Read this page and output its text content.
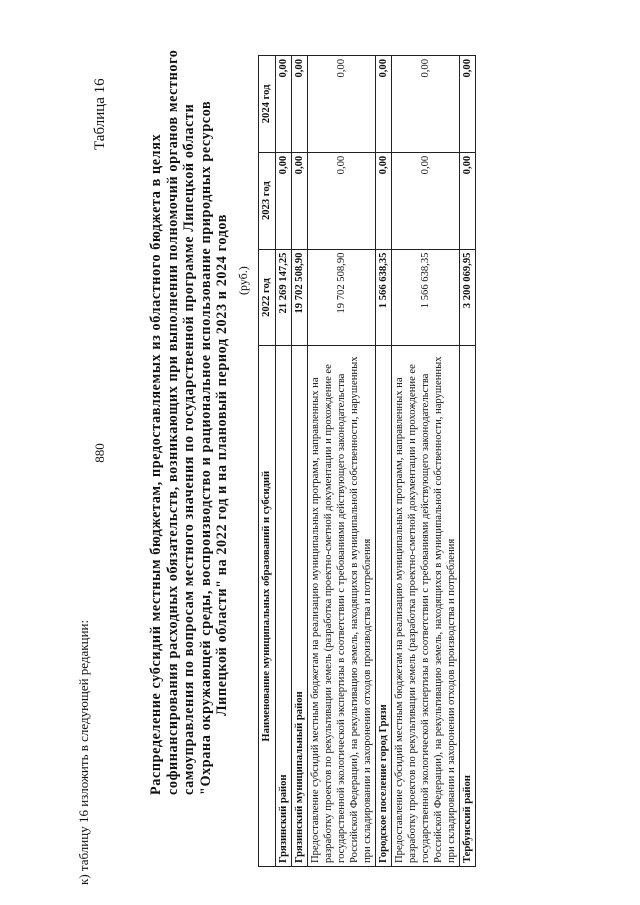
к) таблицу 16 изложить в следующей редакции:
880
Таблица 16
Распределение субсидий местным бюджетам, предоставляемых из областного бюджета в целях софинансирования расходных обязательств, возникающих при выполнении полномочий органов местного самоуправления по вопросам местного значения по государственной программе Липецкой области "Охрана окружающей среды, воспроизводство и рациональное использование природных ресурсов Липецкой области" на 2022 год и на плановый период 2023 и 2024 годов (руб.)
Наименование муниципальных образований и субсидий	2022 год	2023 год	2024 год
Грязинский район	21 269 147,25	0,00	0,00
Грязинский муниципальный район	19 702 508,90	0,00	0,00
Предоставление субсидий местным бюджетам на реализацию муниципальных программ, направленных на разработку проектов по рекультивации земель (разработка проектно-сметной документации и прохождение ее государственной экологической экспертизы в соответствии с требованиями действующего законодательства Российской Федерации), на рекультивацию земель, находящихся в муниципальной собственности, нарушенных при складировании и захоронении отходов производства и потребления	19 702 508,90	0,00	0,00
Городское поселение город Грязи	1 566 638,35	0,00	0,00
Предоставление субсидий местным бюджетам на реализацию муниципальных программ, направленных на разработку проектов по рекультивации земель (разработка проектно-сметной документации и прохождение ее государственной экологической экспертизы в соответствии с требованиями действующего законодательства Российской Федерации), на рекультивацию земель, находящихся в муниципальной собственности, нарушенных при складировании и захоронении отходов производства и потребления	1 566 638,35	0,00	0,00
Тербунский район	3 200 069,95	0,00	0,00
